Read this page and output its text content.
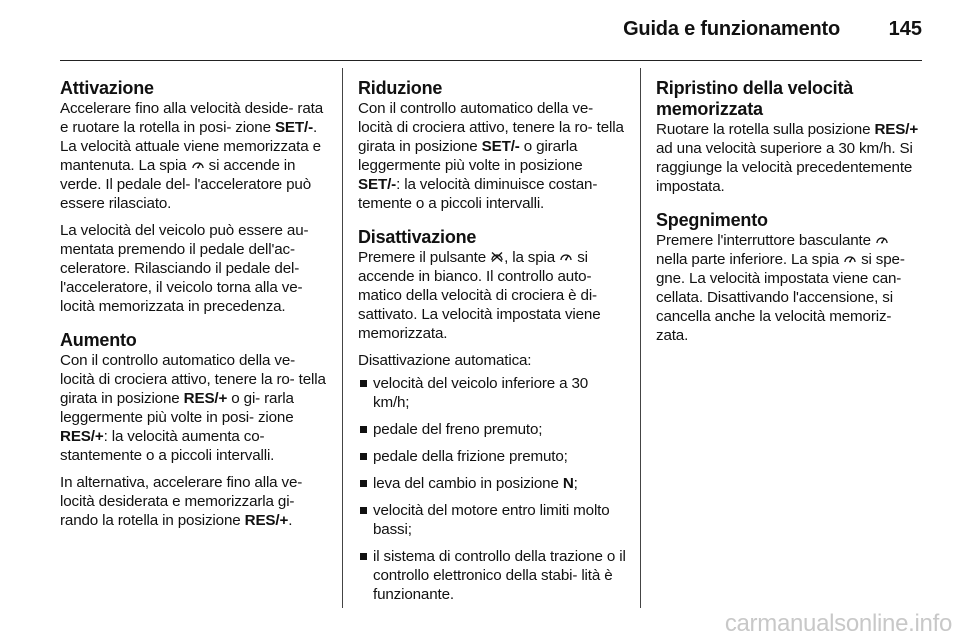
Guida e funzionamento 145
Attivazione

Accelerare fino alla velocità deside- rata e ruotare la rotella in posi- zione SET/-. La velocità attuale viene memorizzata e mantenuta. La spia
si accende in verde. Il pedale del- l'acceleratore può essere rilasciato.

La velocità del veicolo può essere au- mentata premendo il pedale dell'ac- celeratore. Rilasciando il pedale del- l'acceleratore, il veicolo torna alla ve- locità memorizzata in precedenza.

Aumento

Con il controllo automatico della ve- locità di crociera attivo, tenere la ro- tella girata in posizione RES/+ o gi- rarla leggermente più volte in posi- zione RES/+: la velocità aumenta co- stantemente o a piccoli intervalli.

In alternativa, accelerare fino alla ve- locità desiderata e memorizzarla gi- rando la rotella in posizione RES/+.

Riduzione

Con il controllo automatico della ve- locità di crociera attivo, tenere la ro- tella girata in posizione SET/- o girarla leggermente più volte in posizione SET/-: la velocità diminuisce costan- temente o a piccoli intervalli.

Disattivazione

Premere il pulsante
, la spia
si accende in bianco. Il controllo auto- matico della velocità di crociera è di- sattivato. La velocità impostata viene memorizzata.

Disattivazione automatica:

velocità del veicolo inferiore a 30 km/h;
pedale del freno premuto;
pedale della frizione premuto;
leva del cambio in posizione N;
velocità del motore entro limiti molto bassi;
il sistema di controllo della trazione o il controllo elettronico della stabi- lità è funzionante.
Ripristino della velocità memorizzata

Ruotare la rotella sulla posizione RES/+ ad una velocità superiore a 30 km/h. Si raggiunge la velocità precedentemente impostata.

Spegnimento

Premere l'interruttore basculante
nella parte inferiore. La spia
si spe- gne. La velocità impostata viene can- cellata. Disattivando l'accensione, si cancella anche la velocità memoriz- zata.

carmanualsonline.info
